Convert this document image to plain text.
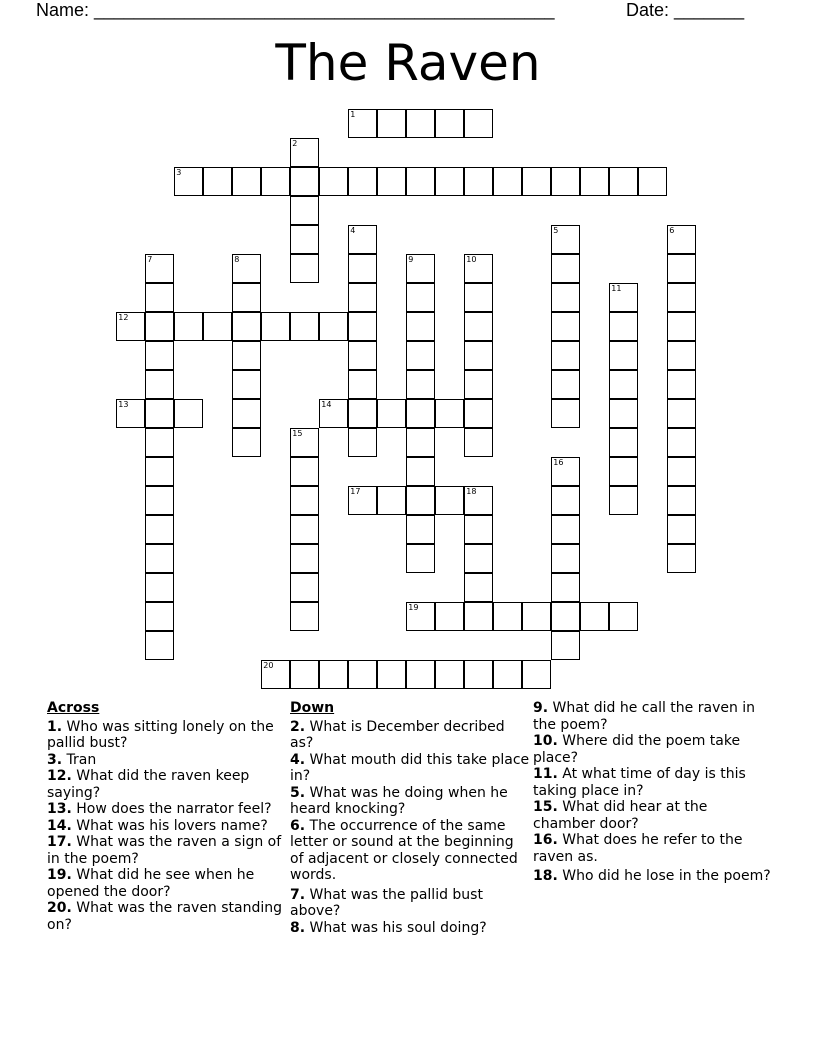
Name: ______________________________________________	Date: _______
The Raven
1
2
3
4	5	6
7	8	9	10
11
12
13	14
15
16
17	18
19
20
Across
1. Who was sitting lonely on the pallid bust?
3. Tran
12. What did the raven keep saying?
13. How does the narrator feel?
14. What was his lovers name?
17. What was the raven a sign of in the poem?
19. What did he see when he opened the door?
20. What was the raven standing on?
Down
2. What is December decribed as?
4. What mouth did this take place in?
5. What was he doing when he heard knocking?
6. The occurrence of the same letter or sound at the beginning of adjacent or closely connected words.
7. What was the pallid bust above?
8. What was his soul doing?
9. What did he call the raven in the poem?
10. Where did the poem take place?
11. At what time of day is this taking place in?
15. What did hear at the chamber door?
16. What does he refer to the raven as.
18. Who did he lose in the poem?
